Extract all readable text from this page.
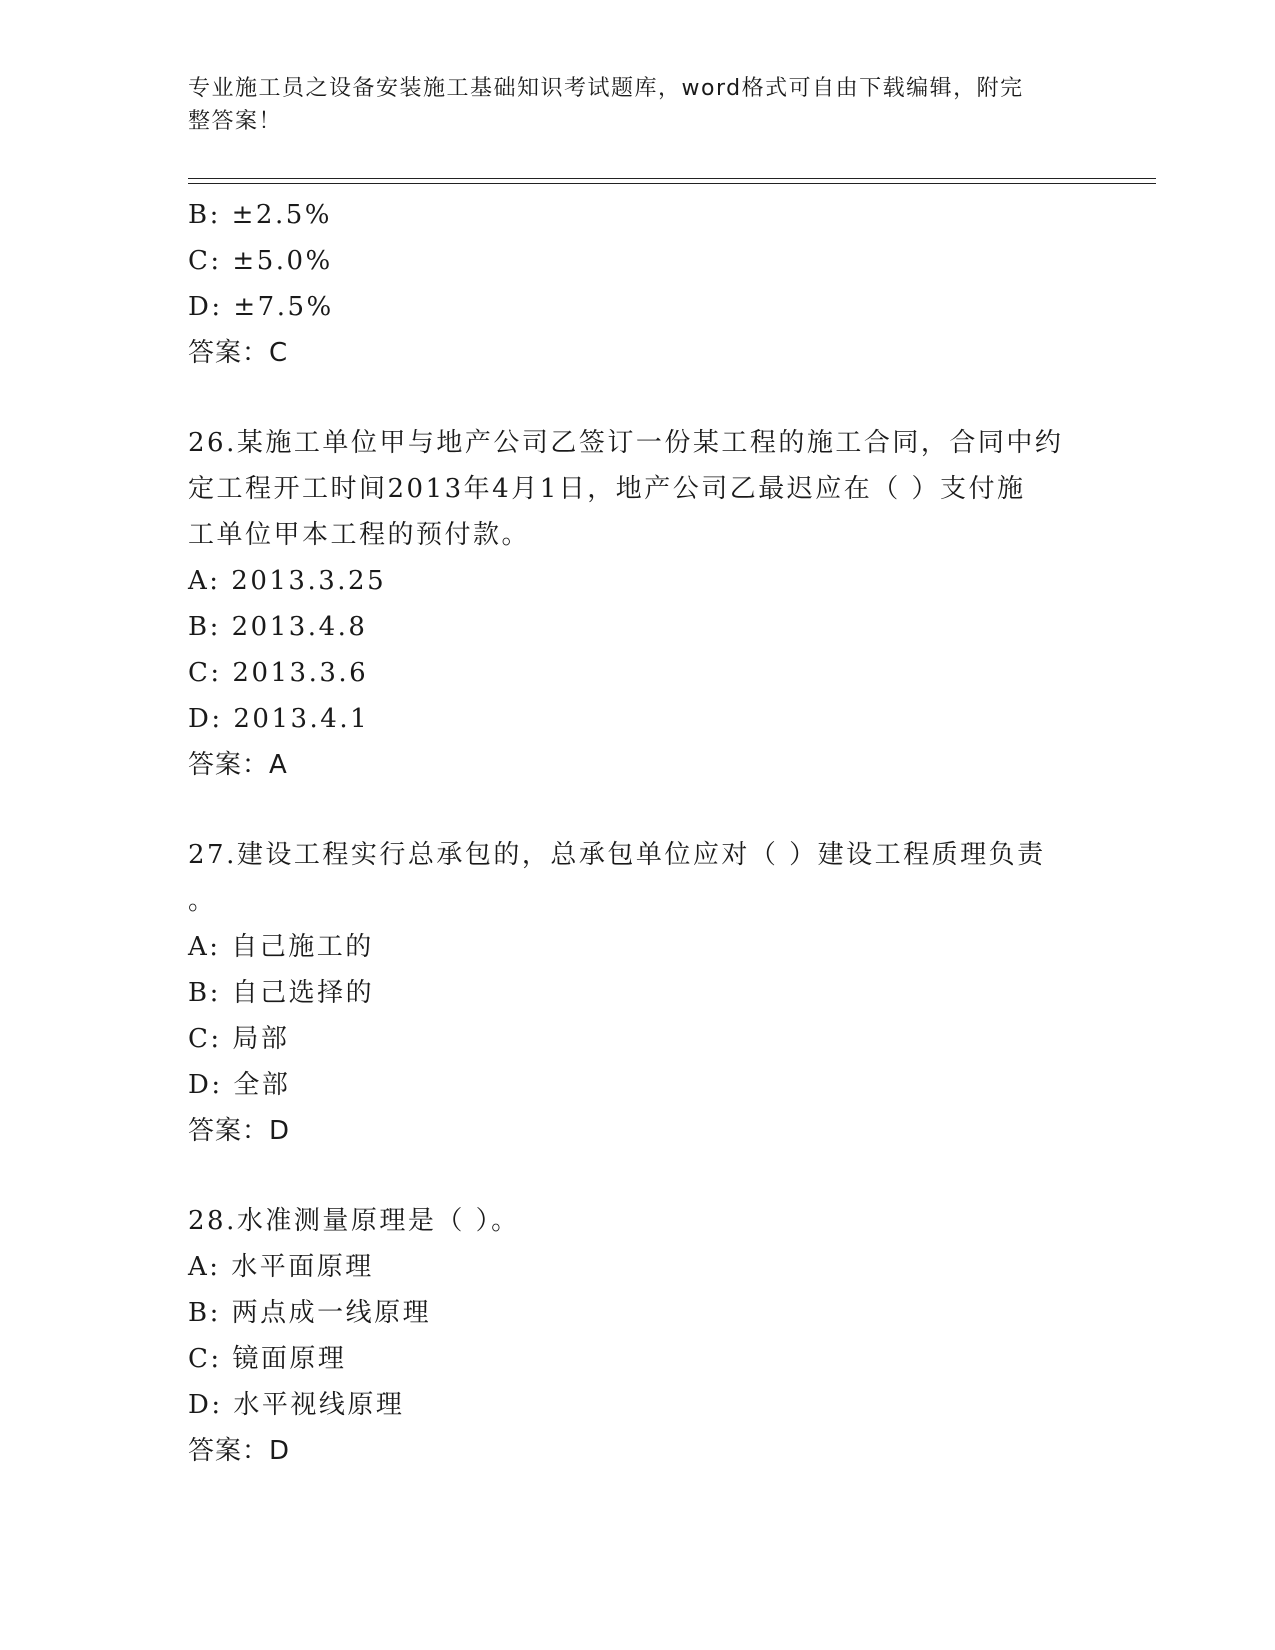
专业施工员之设备安装施工基础知识考试题库，word格式可自由下载编辑，附完
整答案！
B: ±2.5%
C: ±5.0%
D: ±7.5%
答案：C
26.某施工单位甲与地产公司乙签订一份某工程的施工合同，合同中约
定工程开工时间2013年4月1日，地产公司乙最迟应在（ ）支付施
工单位甲本工程的预付款。
A: 2013.3.25
B: 2013.4.8
C: 2013.3.6
D: 2013.4.1
答案：A
27.建设工程实行总承包的，总承包单位应对（ ）建设工程质理负责
。
A: 自己施工的
B: 自己选择的
C: 局部
D: 全部
答案：D
28.水准测量原理是（ ）。
A: 水平面原理
B: 两点成一线原理
C: 镜面原理
D: 水平视线原理
答案：D
